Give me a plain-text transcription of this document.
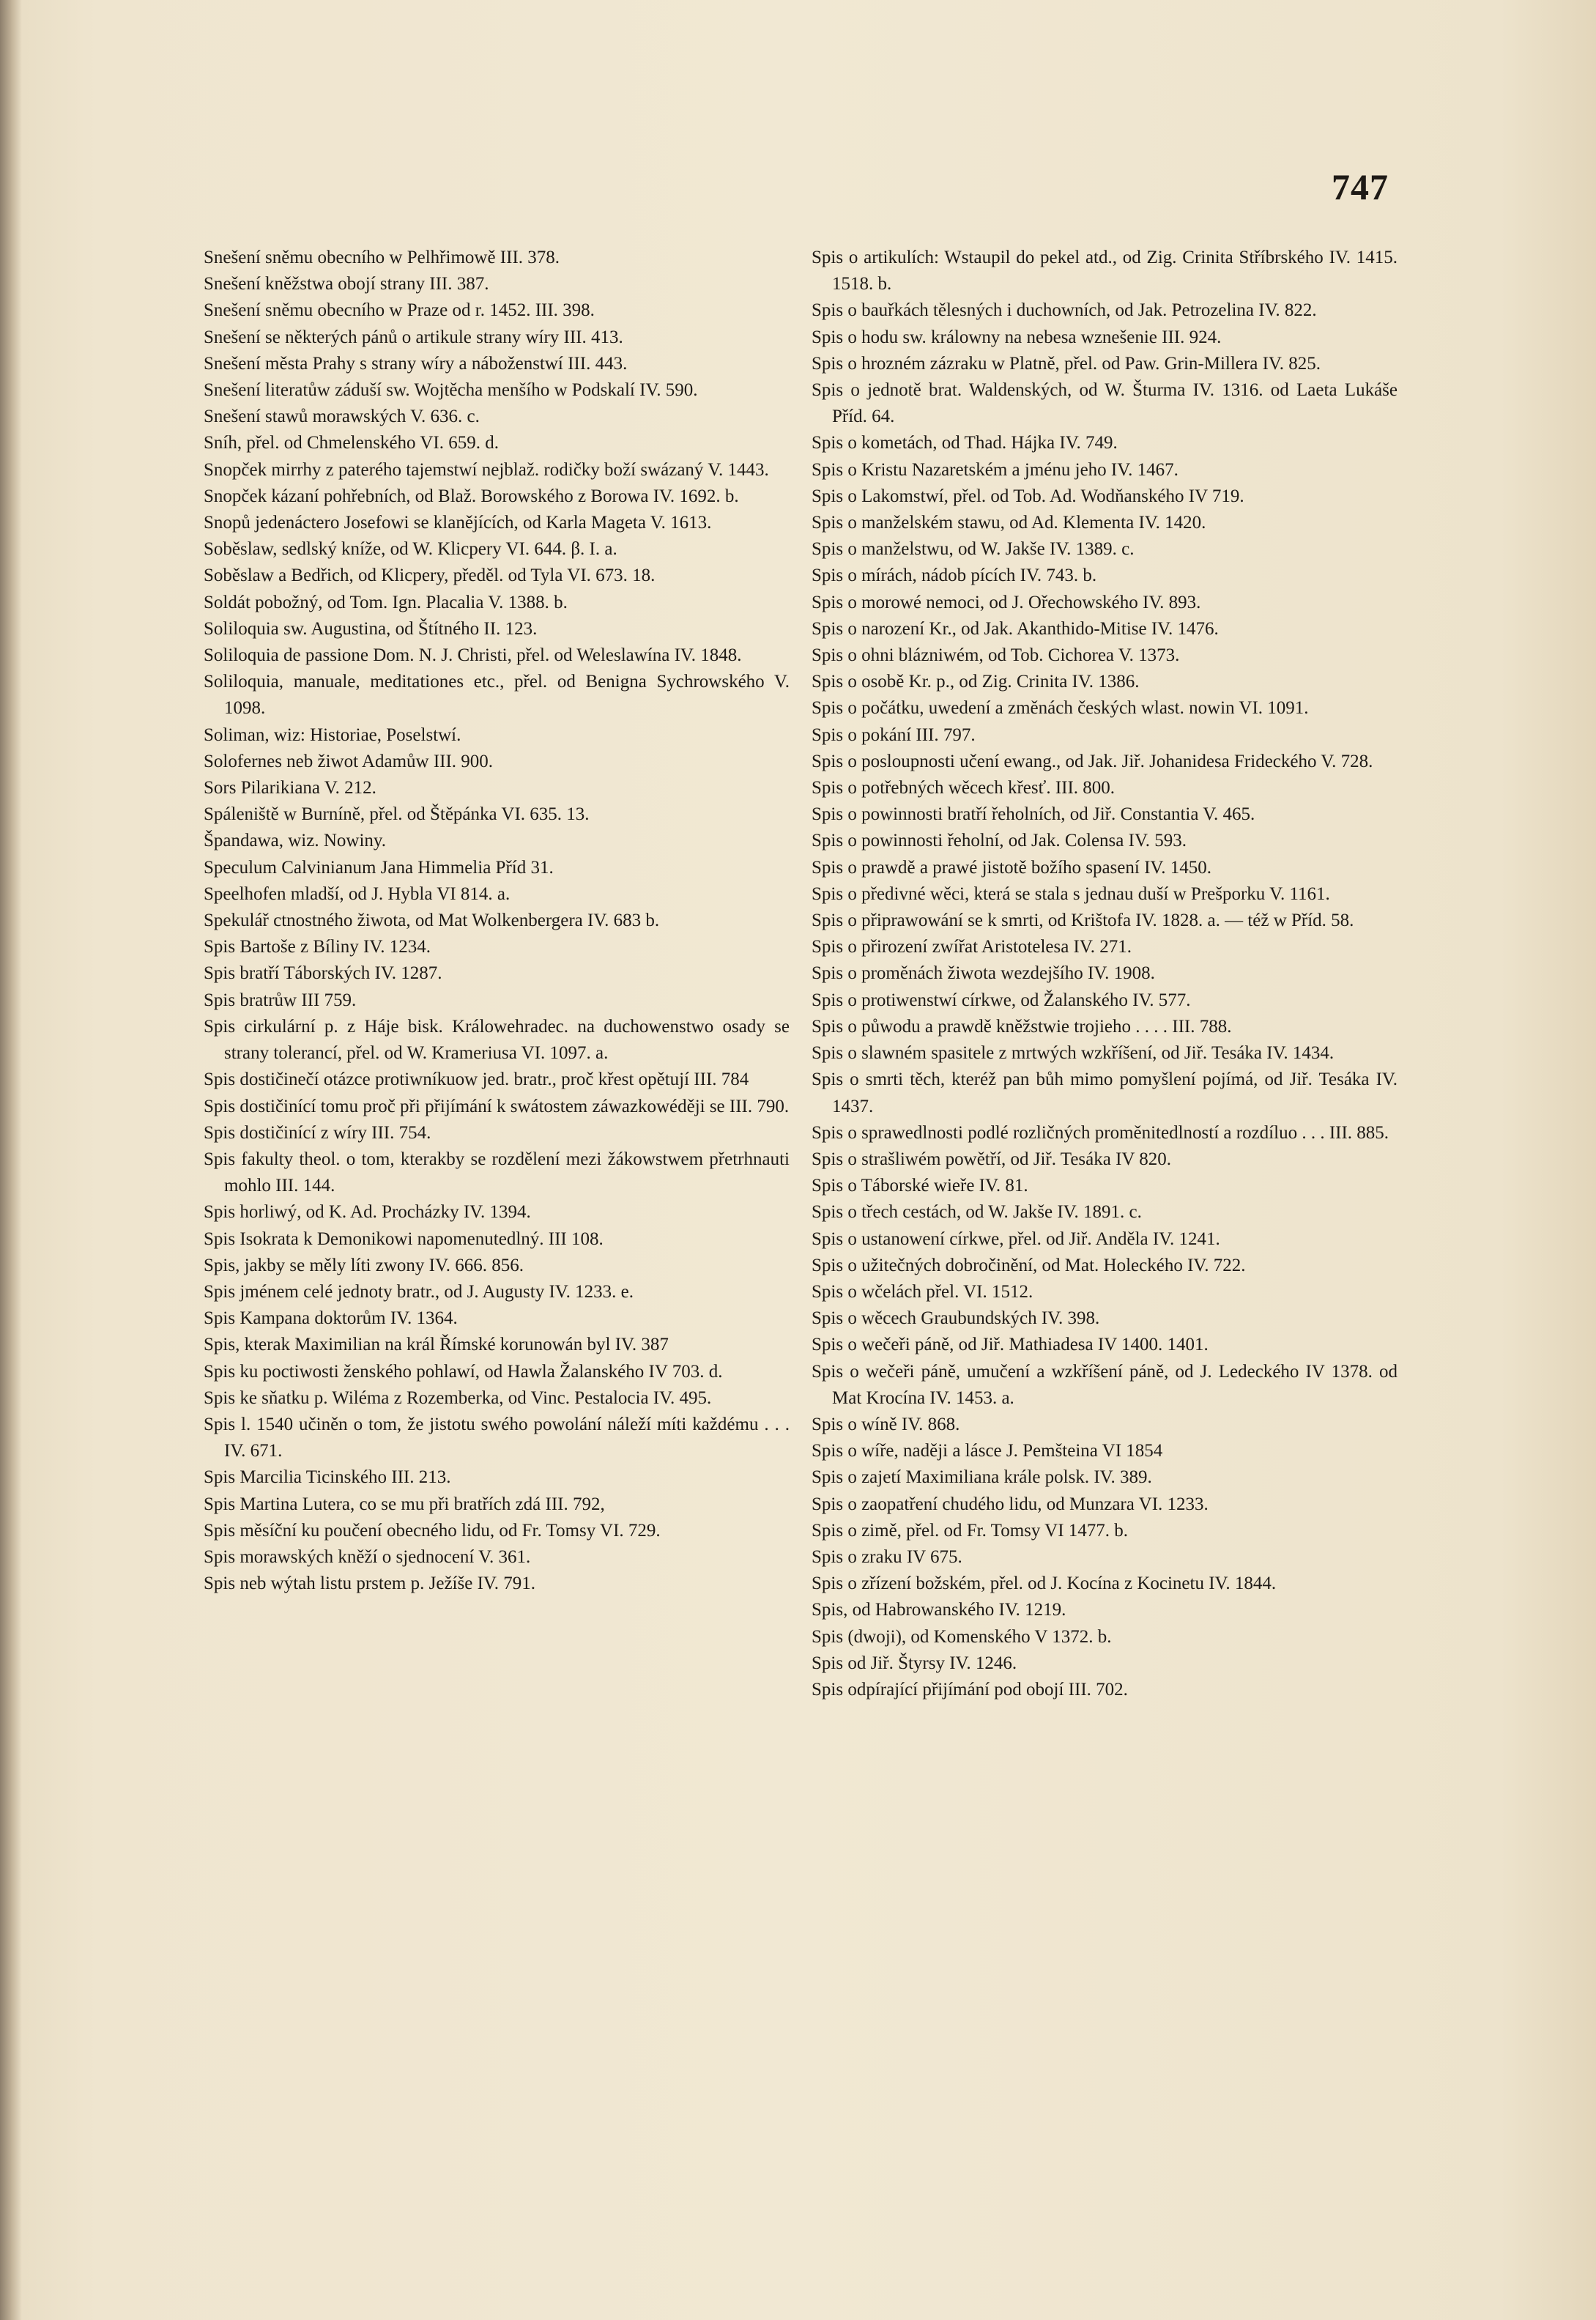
747
Snešení sněmu obecního w Pelhřimowě III. 378.
Snešení kněžstwa obojí strany III. 387.
Snešení sněmu obecního w Praze od r. 1452. III. 398.
Snešení se některých pánů o artikule strany wíry III. 413.
Snešení města Prahy s strany wíry a náboženstwí III. 443.
Snešení literatůw záduší sw. Wojtěcha menšího w Podskalí IV. 590.
Snešení stawů morawských V. 636. c.
Sníh, přel. od Chmelenského VI. 659. d.
Snopček mirrhy z paterého tajemstwí nejblaž. rodičky boží swázaný V. 1443.
Snopček kázaní pohřebních, od Blaž. Borowského z Borowa IV. 1692. b.
Snopů jedenáctero Josefowi se klanějících, od Karla Mageta V. 1613.
Soběslaw, sedlský kníže, od W. Klicpery VI. 644. β. I. a.
Soběslaw a Bedřich, od Klicpery, předěl. od Tyla VI. 673. 18.
Soldát pobožný, od Tom. Ign. Placalia V. 1388. b.
Soliloquia sw. Augustina, od Štítného II. 123.
Soliloquia de passione Dom. N. J. Christi, přel. od Weleslawína IV. 1848.
Soliloquia, manuale, meditationes etc., přel. od Benigna Sychrowského V. 1098.
Soliman, wiz: Historiae, Poselstwí.
Solofernes neb žiwot Adamůw III. 900.
Sors Pilarikiana V. 212.
Spáleniště w Burníně, přel. od Štěpánka VI. 635. 13.
Špandawa, wiz. Nowiny.
Speculum Calvinianum Jana Himmelia Příd 31.
Speelhofen mladší, od J. Hybla VI 814. a.
Spekulář ctnostného žiwota, od Mat Wolkenbergera IV. 683 b.
Spis Bartoše z Bíliny IV. 1234.
Spis bratří Táborských IV. 1287.
Spis bratrůw III 759.
Spis cirkulární p. z Háje bisk. Králowehradec. na duchowenstwo osady se strany tolerancí, přel. od W. Krameriusa VI. 1097. a.
Spis dostičinečí otázce protiwníkuow jed. bratr., proč křest opětují III. 784
Spis dostičinící tomu proč při přijímání k swátostem záwazkowéději se III. 790.
Spis dostičinící z wíry III. 754.
Spis fakulty theol. o tom, kterakby se rozdělení mezi žákowstwem přetrhnauti mohlo III. 144.
Spis horliwý, od K. Ad. Procházky IV. 1394.
Spis Isokrata k Demonikowi napomenutedlný. III 108.
Spis, jakby se měly líti zwony IV. 666. 856.
Spis jménem celé jednoty bratr., od J. Augusty IV. 1233. e.
Spis Kampana doktorům IV. 1364.
Spis, kterak Maximilian na král Římské korunowán byl IV. 387
Spis ku poctiwosti ženského pohlawí, od Hawla Žalanského IV 703. d.
Spis ke sňatku p. Wiléma z Rozemberka, od Vinc. Pestalocia IV. 495.
Spis l. 1540 učiněn o tom, že jistotu swého powolání náleží míti každému . . . IV. 671.
Spis Marcilia Ticinského III. 213.
Spis Martina Lutera, co se mu při bratřích zdá III. 792,
Spis měsíční ku poučení obecného lidu, od Fr. Tomsy VI. 729.
Spis morawských kněží o sjednocení V. 361.
Spis neb wýtah listu prstem p. Ježíše IV. 791.
Spis o artikulích: Wstaupil do pekel atd., od Zig. Crinita Stříbrského IV. 1415. 1518. b.
Spis o bauřkách tělesných i duchowních, od Jak. Petrozelina IV. 822.
Spis o hodu sw. králowny na nebesa wznešenie III. 924.
Spis o hrozném zázraku w Platně, přel. od Paw. Grin-Millera IV. 825.
Spis o jednotě brat. Waldenských, od W. Šturma IV. 1316. od Laeta Lukáše Příd. 64.
Spis o kometách, od Thad. Hájka IV. 749.
Spis o Kristu Nazaretském a jménu jeho IV. 1467.
Spis o Lakomstwí, přel. od Tob. Ad. Wodňanského IV 719.
Spis o manželském stawu, od Ad. Klementa IV. 1420.
Spis o manželstwu, od W. Jakše IV. 1389. c.
Spis o mírách, nádob pících IV. 743. b.
Spis o morowé nemoci, od J. Ořechowského IV. 893.
Spis o narození Kr., od Jak. Akanthido-Mitise IV. 1476.
Spis o ohni blázniwém, od Tob. Cichorea V. 1373.
Spis o osobě Kr. p., od Zig. Crinita IV. 1386.
Spis o počátku, uwedení a změnách českých wlast. nowin VI. 1091.
Spis o pokání III. 797.
Spis o posloupnosti učení ewang., od Jak. Jiř. Johanidesa Frideckého V. 728.
Spis o potřebných wěcech křesť. III. 800.
Spis o powinnosti bratří řeholních, od Jiř. Constantia V. 465.
Spis o powinnosti řeholní, od Jak. Colensa IV. 593.
Spis o prawdě a prawé jistotě božího spasení IV. 1450.
Spis o předivné wěci, která se stala s jednau duší w Prešporku V. 1161.
Spis o připrawowání se k smrti, od Krištofa IV. 1828. a. — též w Příd. 58.
Spis o přirození zwířat Aristotelesa IV. 271.
Spis o proměnách žiwota wezdejšího IV. 1908.
Spis o protiwenstwí církwe, od Žalanského IV. 577.
Spis o půwodu a prawdě kněžstwie trojieho . . . . III. 788.
Spis o slawném spasitele z mrtwých wzkříšení, od Jiř. Tesáka IV. 1434.
Spis o smrti těch, kteréž pan bůh mimo pomyšlení pojímá, od Jiř. Tesáka IV. 1437.
Spis o sprawedlnosti podlé rozličných proměnitedlností a rozdíluo . . . III. 885.
Spis o strašliwém powětří, od Jiř. Tesáka IV 820.
Spis o Táborské wieře IV. 81.
Spis o třech cestách, od W. Jakše IV. 1891. c.
Spis o ustanowení církwe, přel. od Jiř. Anděla IV. 1241.
Spis o užitečných dobročinění, od Mat. Holeckého IV. 722.
Spis o wčelách přel. VI. 1512.
Spis o wěcech Graubundských IV. 398.
Spis o wečeři páně, od Jiř. Mathiadesa IV 1400. 1401.
Spis o wečeři páně, umučení a wzkříšení páně, od J. Ledeckého IV 1378. od Mat Krocína IV. 1453. a.
Spis o wíně IV. 868.
Spis o wíře, naději a lásce J. Pemšteina VI 1854
Spis o zajetí Maximiliana krále polsk. IV. 389.
Spis o zaopatření chudého lidu, od Munzara VI. 1233.
Spis o zimě, přel. od Fr. Tomsy VI 1477. b.
Spis o zraku IV 675.
Spis o zřízení božském, přel. od J. Kocína z Kocinetu IV. 1844.
Spis, od Habrowanského IV. 1219.
Spis (dwoji), od Komenského V 1372. b.
Spis od Jiř. Štyrsy IV. 1246.
Spis odpírající přijímání pod obojí III. 702.
